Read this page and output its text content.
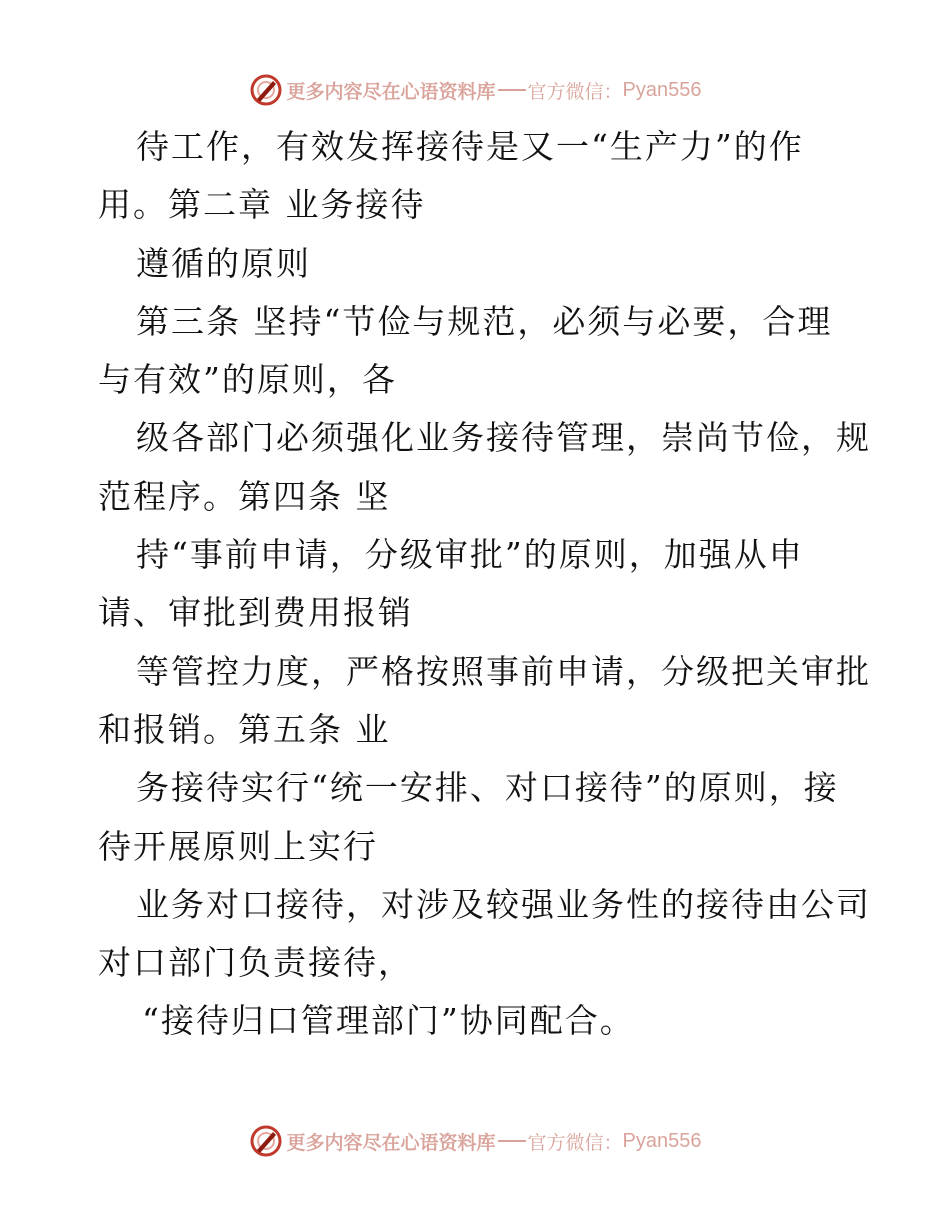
更多内容尽在心语资料库 官方微信： Pyan556
待工作，有效发挥接待是又一“生产力”的作
用。第二章 业务接待
遵循的原则
第三条 坚持“节俭与规范，必须与必要，合理
与有效”的原则，各
级各部门必须强化业务接待管理，崇尚节俭，规
范程序。第四条 坚
持“事前申请，分级审批”的原则，加强从申
请、审批到费用报销
等管控力度，严格按照事前申请，分级把关审批
和报销。第五条 业
务接待实行“统一安排、对口接待”的原则，接
待开展原则上实行
业务对口接待，对涉及较强业务性的接待由公司
对口部门负责接待，
“接待归口管理部门”协同配合。
更多内容尽在心语资料库 官方微信： Pyan556
